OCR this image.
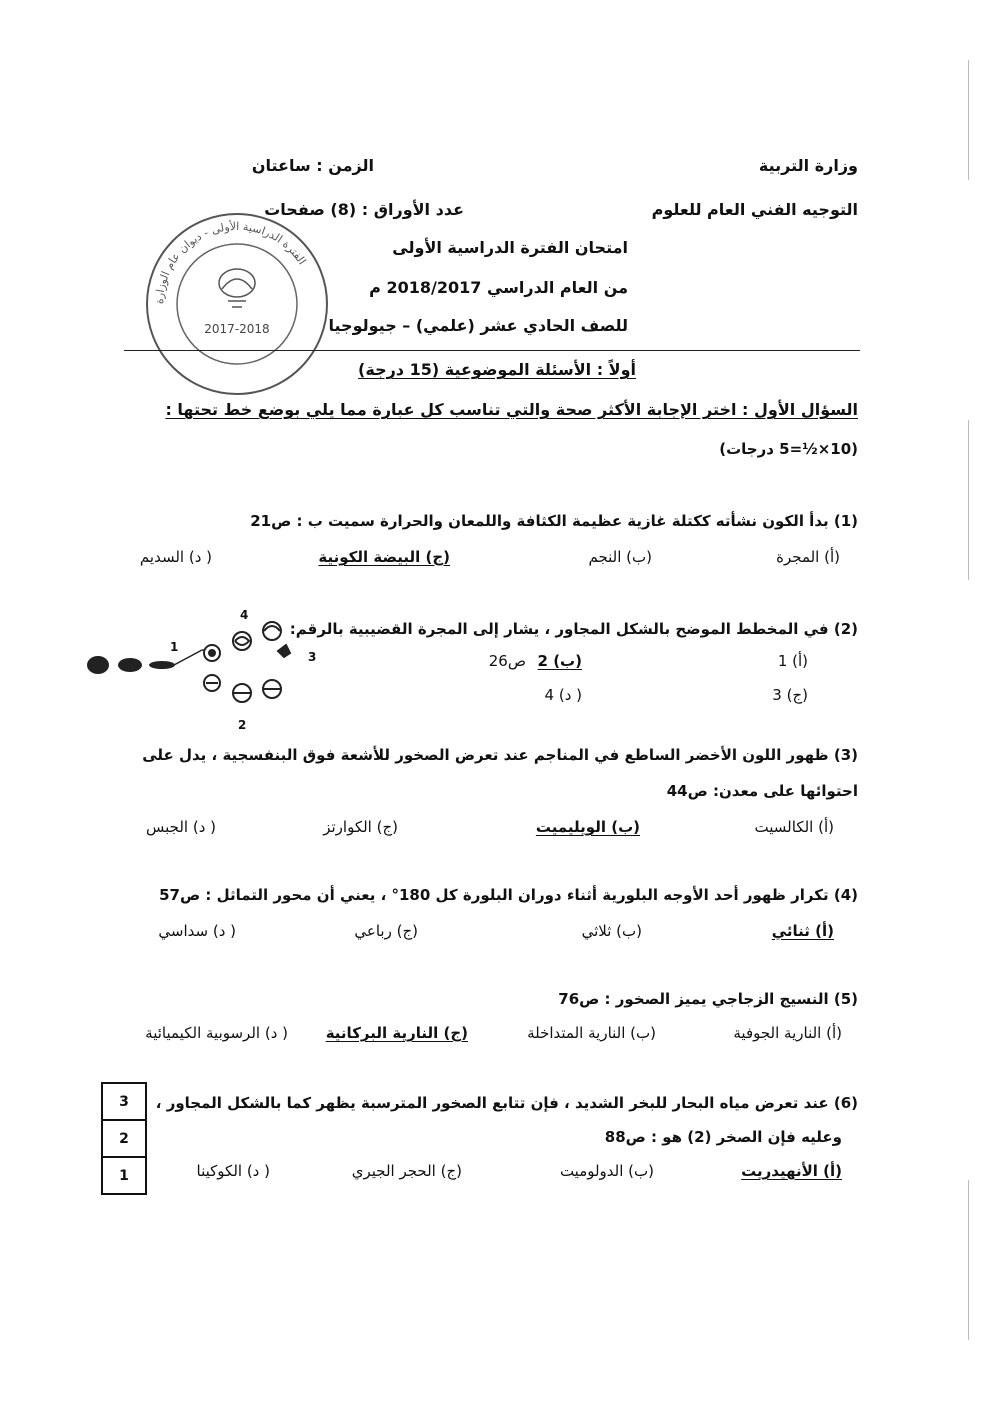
وزارة التربية
الزمن : ساعتان
التوجيه الفني العام للعلوم
عدد الأوراق : (8) صفحات
امتحان الفترة الدراسية الأولى
من العام الدراسي 2018/2017 م
للصف الحادي عشر (علمي) – جيولوجيا
الفترة الدراسية الأولى - ديوان عام الوزارة
2017-2018
أولاً : الأسئلة الموضوعية (15 درجة)
السؤال الأول : اختر الإجابة الأكثر صحة والتي تناسب كل عبارة مما يلي بوضع خط تحتها :
(10×½=5 درجات)
(1) بدأ الكون نشأته ككتلة غازية عظيمة الكثافة واللمعان والحرارة سميت ب : ص21
(أ) المجرة
(ب) النجم
(ج) البيضة الكونية
( د) السديم
(2) في المخطط الموضح بالشكل المجاور ، يشار إلى المجرة القضيبية بالرقم:
(أ) 1
(ب) 2
ص26
(ج) 3
( د) 4
1
2
3
4
(3) ظهور اللون الأخضر الساطع في المناجم عند تعرض الصخور للأشعة فوق البنفسجية ، يدل على
احتوائها على معدن: ص44
(أ) الكالسيت
(ب) الويليميت
(ج) الكوارتز
( د) الجبس
(4) تكرار ظهور أحد الأوجه البلورية أثناء دوران البلورة كل 180° ، يعني أن محور التماثل : ص57
(أ) ثنائي
(ب) ثلاثي
(ج) رباعي
( د) سداسي
(5) النسيج الزجاجي يميز الصخور : ص76
(أ) النارية الجوفية
(ب) النارية المتداخلة
(ج) النارية البركانية
( د) الرسوبية الكيميائية
(6) عند تعرض مياه البحار للبخر الشديد ، فإن تتابع الصخور المترسبة يظهر كما بالشكل المجاور ،
وعليه فإن الصخر (2) هو : ص88
(أ) الأنهيدريت
(ب) الدولوميت
(ج) الحجر الجيري
( د) الكوكينا
3
2
1
